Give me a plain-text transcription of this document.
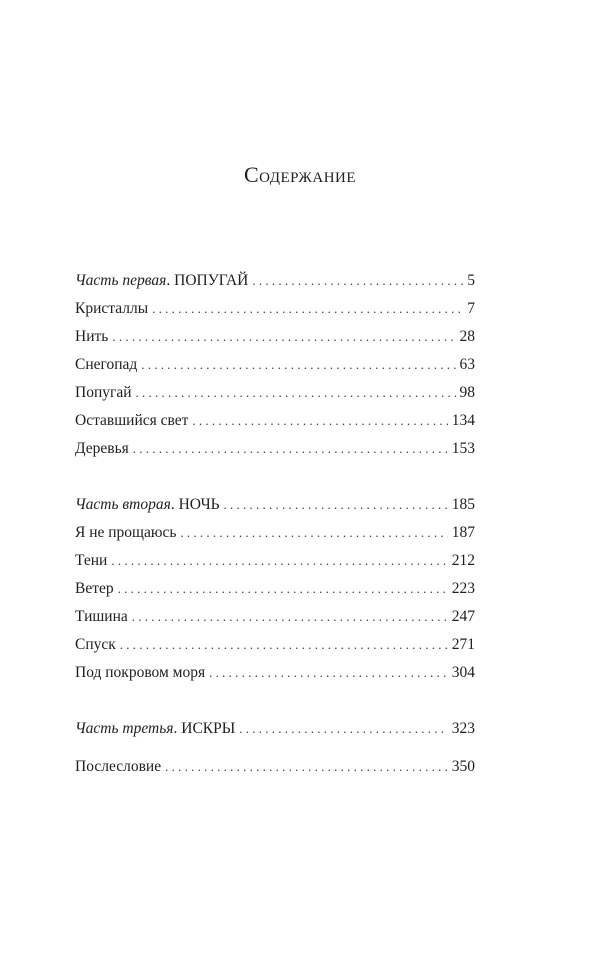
Содержание
Часть первая. ПОПУГАЙ . . .	5
Кристаллы . . .	7
Нить . . .	28
Снегопад . . .	63
Попугай . . .	98
Оставшийся свет . . .	134
Деревья . . .	153
Часть вторая. НОЧЬ . . .	185
Я не прощаюсь . . .	187
Тени . . .	212
Ветер . . .	223
Тишина . . .	247
Спуск . . .	271
Под покровом моря . . .	304
Часть третья. ИСКРЫ . . .	323
Послесловие . . .	350
